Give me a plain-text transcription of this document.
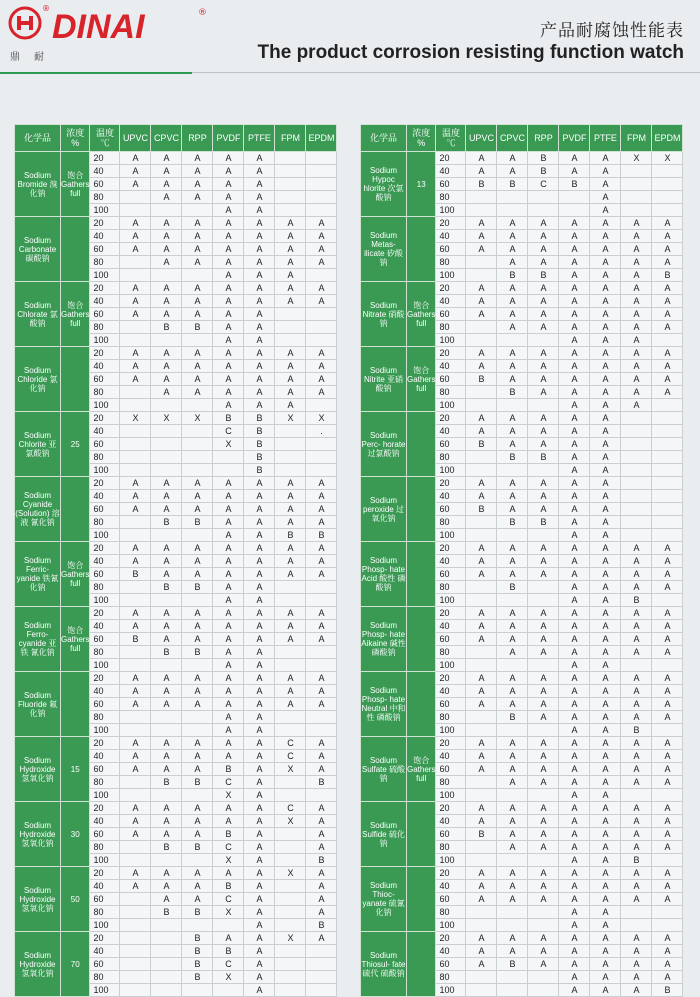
® DINAI	®
鼎耐
产品耐腐蚀性能表
The product corrosion resisting function watch
化学品	浓度 %	温度 ℃	UPVC	CPVC	RPP	PVDF	PTFE	FPM	EPDM
Sodium Bromide 溴化钠	饱合 Gathers full	20	A	A	A	A	A		
		40	A	A	A	A	A		
		60	A	A	A	A	A		
		80		A	A	A	A		
		100				A	A		
Sodium Carbonate 碳酸钠		20	A	A	A	A	A	A	A
		40	A	A	A	A	A	A	A
		60	A	A	A	A	A	A	A
		80		A	A	A	A	A	A
		100				A	A	A	
Sodium Chlorate 氯酸钠	饱合 Gathers full	20	A	A	A	A	A	A	A
		40	A	A	A	A	A	A	A
		60	A	A	A	A	A		
		80		B	B	A	A		
		100				A	A		
Sodium Chloride 氯化钠		20	A	A	A	A	A	A	A
		40	A	A	A	A	A	A	A
		60	A	A	A	A	A	A	A
		80		A	A	A	A	A	A
		100				A	A	A	
Sodium Chlorite 亚氯酸钠	25	20	X	X	X	B	B	X	X
		40				C	B		.
		60				X	B		
		80					B		
		100					B		
Sodium Cyanide (Solution) 溶液 氰化钠		20	A	A	A	A	A	A	A
		40	A	A	A	A	A	A	A
		60	A	A	A	A	A	A	A
		80		B	B	A	A	A	A
		100				A	A	B	B
Sodium Ferric- yanide 铁氰化钠	饱合 Gathers full	20	A	A	A	A	A	A	A
		40	A	A	A	A	A	A	A
		60	B	A	A	A	A	A	A
		80		B	B	A	A		
		100				A	A		
Sodium Ferro- cyanide 亚铁 氰化钠	饱合 Gathers full	20	A	A	A	A	A	A	A
		40	A	A	A	A	A	A	A
		60	B	A	A	A	A	A	A
		80		B	B	A	A		
		100				A	A		
Sodium Fluoride 氟化钠		20	A	A	A	A	A	A	A
		40	A	A	A	A	A	A	A
		60	A	A	A	A	A	A	A
		80				A	A		
		100				A	A		
Sodium Hydroxide 氢氧化钠	15	20	A	A	A	A	A	C	A
		40	A	A	A	A	A	C	A
		60	A	A	A	B	A	X	A
		80		B	B	C	A		B
		100				X	A		
Sodium Hydroxide 氢氧化钠	30	20	A	A	A	A	A	C	A
		40	A	A	A	A	A	X	A
		60	A	A	A	B	A		A
		80		B	B	C	A		A
		100				X	A		B
Sodium Hydroxide 氢氧化钠	50	20	A	A	A	A	A	X	A
		40	A	A	A	B	A		A
		60		A	A	C	A		A
		80		B	B	X	A		A
		100					A		B
Sodium Hydroxide 氢氧化钠	70	20			B	A	A	X	A
		40			B	B	A		
		60			B	C	A		
		80			B	X	A		
		100					A		
化学品	浓度 %	温度 ℃	UPVC	CPVC	RPP	PVDF	PTFE	FPM	EPDM
Sodium Hypoc hlorite 次氯酸钠	13	20	A	A	B	A	A	X	X
		40	A	A	B	A	A		
		60	B	B	C	B	A		
		80					A		
		100					A		
Sodium Metas- ilicate 矽酸钠		20	A	A	A	A	A	A	A
		40	A	A	A	A	A	A	A
		60	A	A	A	A	A	A	A
		80		A	A	A	A	A	A
		100		B	B	A	A	A	B
Sodium Nitrate 硝酸钠	饱合 Gathers full	20	A	A	A	A	A	A	A
		40	A	A	A	A	A	A	A
		60	A	A	A	A	A	A	A
		80		A	A	A	A	A	A
		100				A	A	A	
Sodium Nitrite 亚硝酸钠	饱合 Gathers full	20	A	A	A	A	A	A	A
		40	A	A	A	A	A	A	A
		60	B	A	A	A	A	A	A
		80		B	A	A	A	A	A
		100				A	A	A	
Sodium Perc- horate 过氯酸钠		20	A	A	A	A	A		
		40	A	A	A	A	A		
		60	B	A	A	A	A		
		80		B	B	A	A		
		100				A	A		
Sodium peroxide 过氧化钠		20	A	A	A	A	A		
		40	A	A	A	A	A		
		60	B	A	A	A	A		
		80		B	B	A	A		
		100				A	A		
Sodium Phosp- hate Acid 酸性 磷酸钠		20	A	A	A	A	A	A	A
		40	A	A	A	A	A	A	A
		60	A	A	A	A	A	A	A
		80		B		A	A	A	A
		100				A	A	B	
Sodium Phosp- hate Aikaine 碱性 磷酸钠		20	A	A	A	A	A	A	A
		40	A	A	A	A	A	A	A
		60	A	A	A	A	A	A	A
		80		A	A	A	A	A	A
		100				A	A		
Sodium Phosp- hate Neutral 中和性 磷酸钠		20	A	A	A	A	A	A	A
		40	A	A	A	A	A	A	A
		60	A	A	A	A	A	A	A
		80		B	A	A	A	A	A
		100				A	A	B	
Sodium Sulfate 硫酸钠	饱合 Gathers full	20	A	A	A	A	A	A	A
		40	A	A	A	A	A	A	A
		60	A	A	A	A	A	A	A
		80		A	A	A	A	A	A
		100				A	A		
Sodium Sulfide 硫化钠		20	A	A	A	A	A	A	A
		40	A	A	A	A	A	A	A
		60	B	A	A	A	A	A	A
		80		A	A	A	A	A	A
		100				A	A	B	
Sodium Thioc- yanate 硫氰化钠		20	A	A	A	A	A	A	A
		40	A	A	A	A	A	A	A
		60	A	A	A	A	A	A	A
		80				A	A		
		100				A	A		
Sodium Thiosul- fate 硫代 硫酸钠		20	A	A	A	A	A	A	A
		40	A	A	A	A	A	A	A
		60	A	B	A	A	A	A	A
		80				A	A	A	A
		100				A	A	A	B
